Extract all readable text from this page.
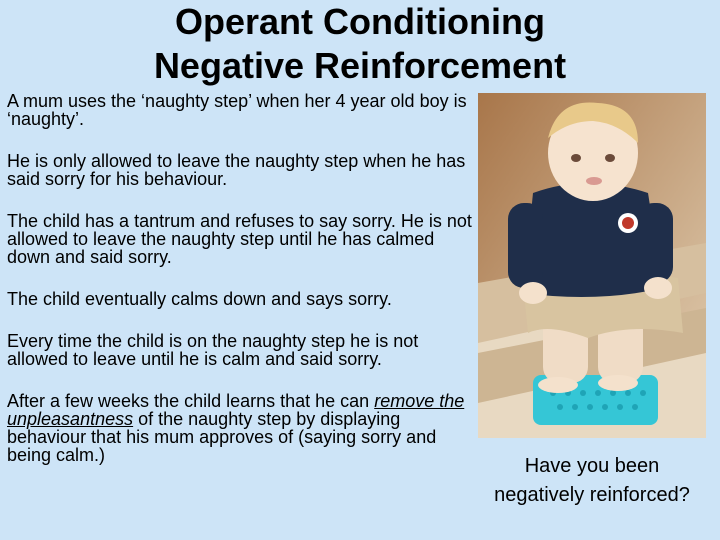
Operant Conditioning
Negative Reinforcement

A mum uses the ‘naughty step’ when her 4 year old boy is ‘naughty’.

He is only allowed to leave the naughty step when he has said sorry for his behaviour.

The child has a tantrum and refuses to say sorry. He is not allowed to leave the naughty step until he has calmed down and said sorry.

The child eventually calms down and says sorry.

Every time the child is on the naughty step he is not allowed to leave until he is calm and said sorry.

After a few weeks the child learns that he can remove the unpleasantness of the naughty step by displaying behaviour that his mum approves of (saying sorry and being calm.)	Have you been negatively reinforced?
